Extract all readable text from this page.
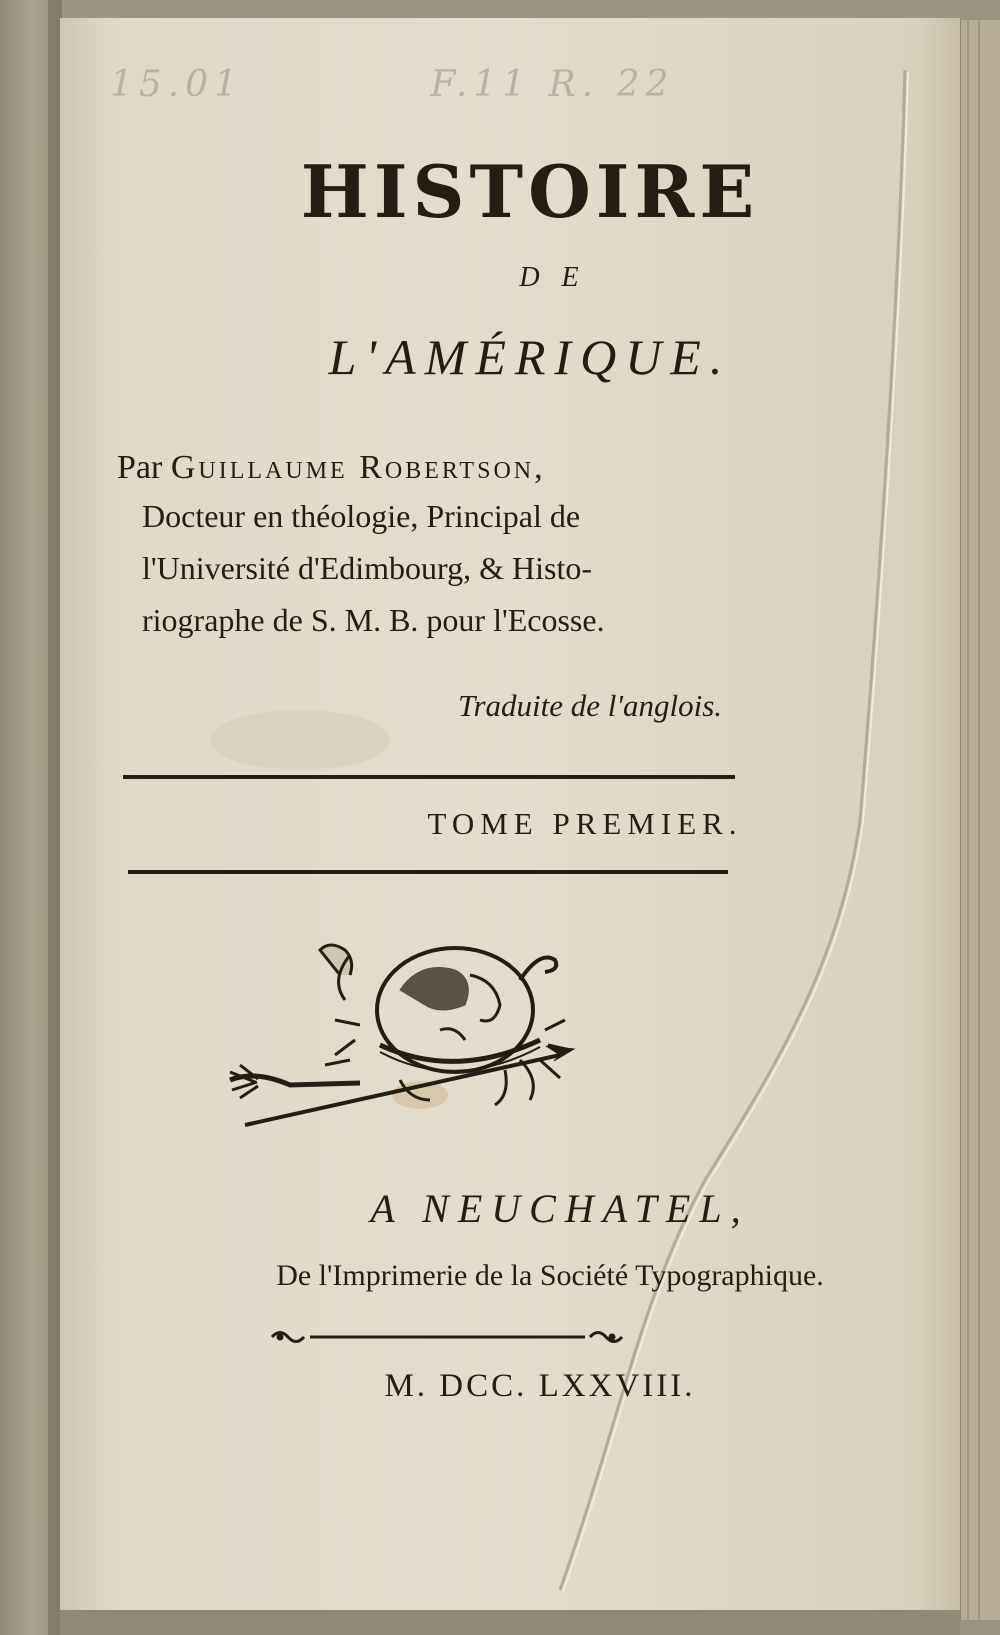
15.01	F.11 R. 22
HISTOIRE
DE
L'AMÉRIQUE.
Par Guillaume Robertson,
Docteur en théologie, Principal de
l'Université d'Edimbourg, & Histo-
riographe de S. M. B. pour l'Ecosse.
Traduite de l'anglois.
TOME PREMIER.
A NEUCHATEL,
De l'Imprimerie de la Société Typographique.
M. DCC. LXXVIII.
